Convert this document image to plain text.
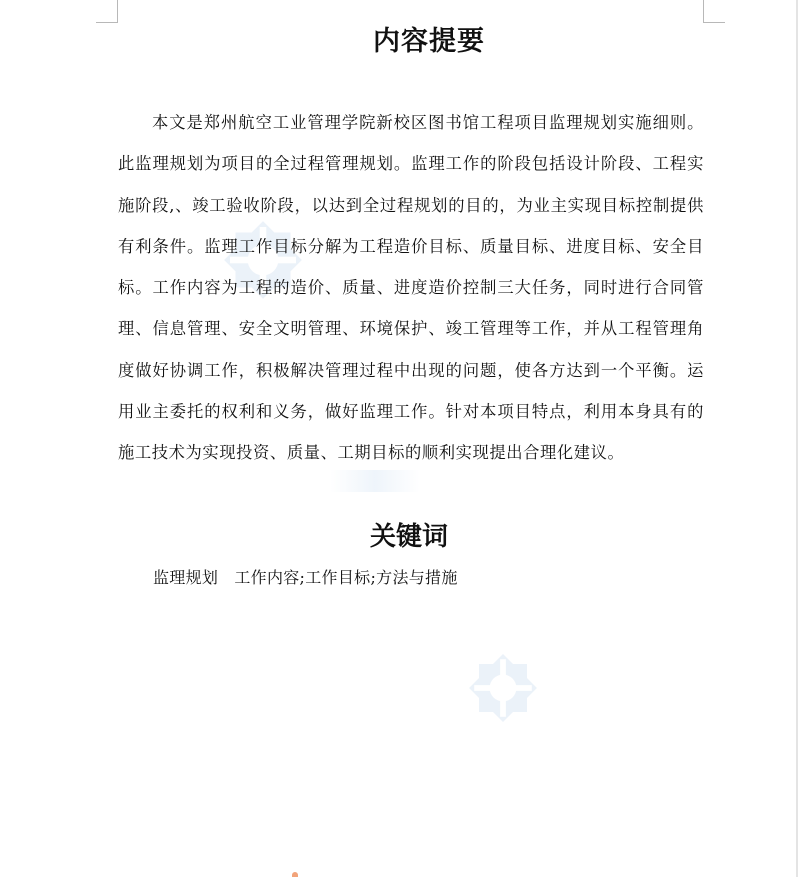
内容提要

本文是郑州航空工业管理学院新校区图书馆工程项目监理规划实施细则。此监理规划为项目的全过程管理规划。监理工作的阶段包括设计阶段、工程实施阶段,、竣工验收阶段，以达到全过程规划的目的，为业主实现目标控制提供有利条件。监理工作目标分解为工程造价目标、质量目标、进度目标、安全目标。工作内容为工程的造价、质量、进度造价控制三大任务，同时进行合同管理、信息管理、安全文明管理、环境保护、竣工管理等工作，并从工程管理角度做好协调工作，积极解决管理过程中出现的问题，使各方达到一个平衡。运用业主委托的权利和义务，做好监理工作。针对本项目特点，利用本身具有的施工技术为实现投资、质量、工期目标的顺利实现提出合理化建议。

关键词
监理规划   工作内容;工作目标;方法与措施
